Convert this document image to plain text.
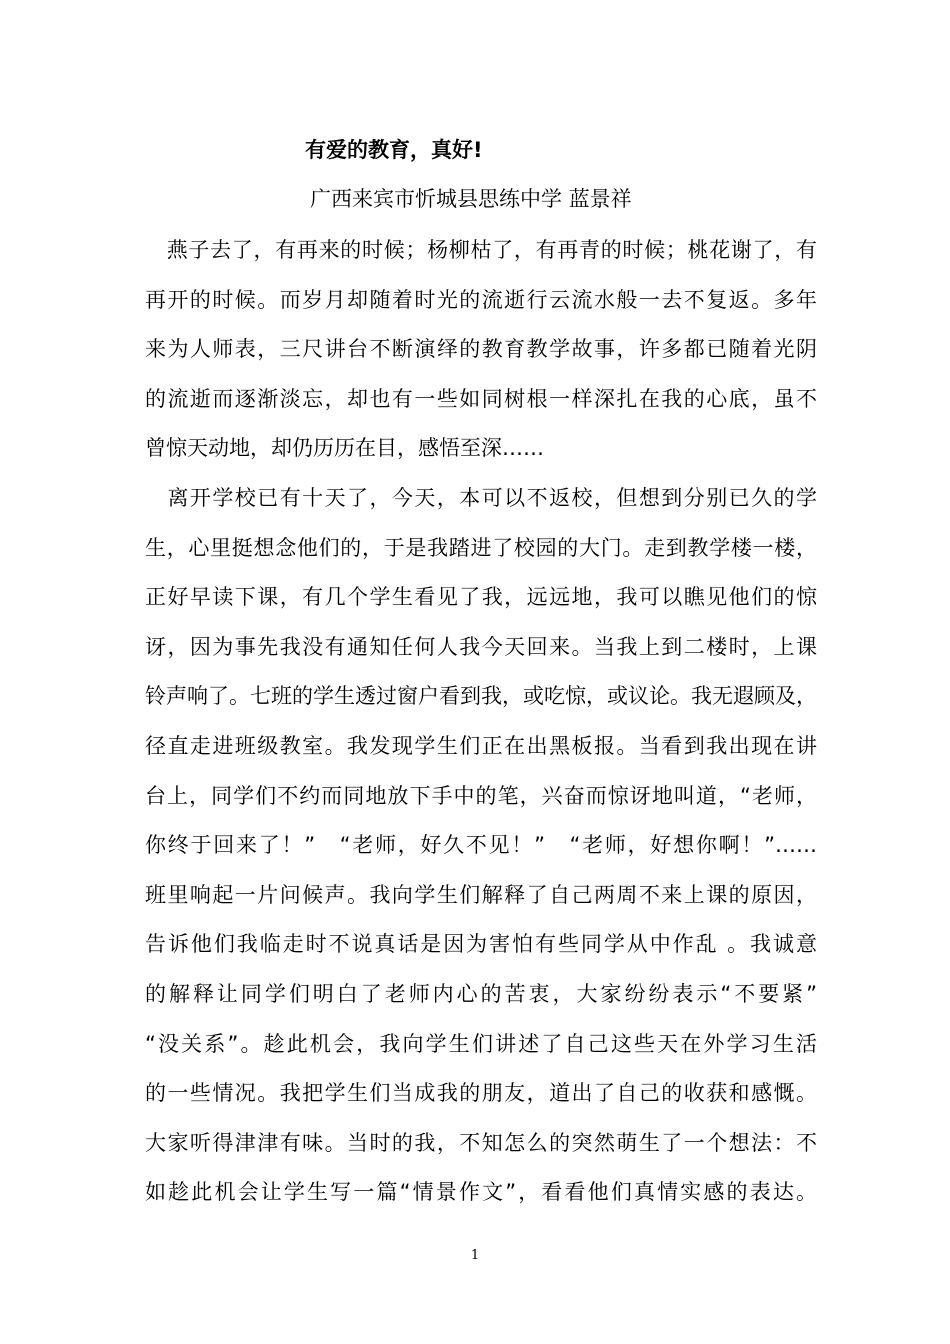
有爱的教育，真好!
广西来宾市忻城县思练中学 蓝景祥
　燕子去了，有再来的时候；杨柳枯了，有再青的时候；桃花谢了，有
再开的时候。而岁月却随着时光的流逝行云流水般一去不复返。多年
来为人师表，三尺讲台不断演绎的教育教学故事，许多都已随着光阴
的流逝而逐渐淡忘，却也有一些如同树根一样深扎在我的心底，虽不
曾惊天动地，却仍历历在目，感悟至深……
　离开学校已有十天了，今天，本可以不返校，但想到分别已久的学
生，心里挺想念他们的，于是我踏进了校园的大门。走到教学楼一楼，
正好早读下课，有几个学生看见了我，远远地，我可以瞧见他们的惊
讶，因为事先我没有通知任何人我今天回来。当我上到二楼时，上课
铃声响了。七班的学生透过窗户看到我，或吃惊，或议论。我无遐顾及，
径直走进班级教室。我发现学生们正在出黑板报。当看到我出现在讲
台上，同学们不约而同地放下手中的笔，兴奋而惊讶地叫道，“老师，
你终于回来了！”　“老师，好久不见！”　“老师，好想你啊！”……
班里响起一片问候声。我向学生们解释了自己两周不来上课的原因，
告诉他们我临走时不说真话是因为害怕有些同学从中作乱 。我诚意
的解释让同学们明白了老师内心的苦衷，大家纷纷表示“不要紧”
“没关系”。趁此机会，我向学生们讲述了自己这些天在外学习生活
的一些情况。我把学生们当成我的朋友，道出了自己的收获和感慨。
大家听得津津有味。当时的我，不知怎么的突然萌生了一个想法：不
如趁此机会让学生写一篇“情景作文”，看看他们真情实感的表达。
1
